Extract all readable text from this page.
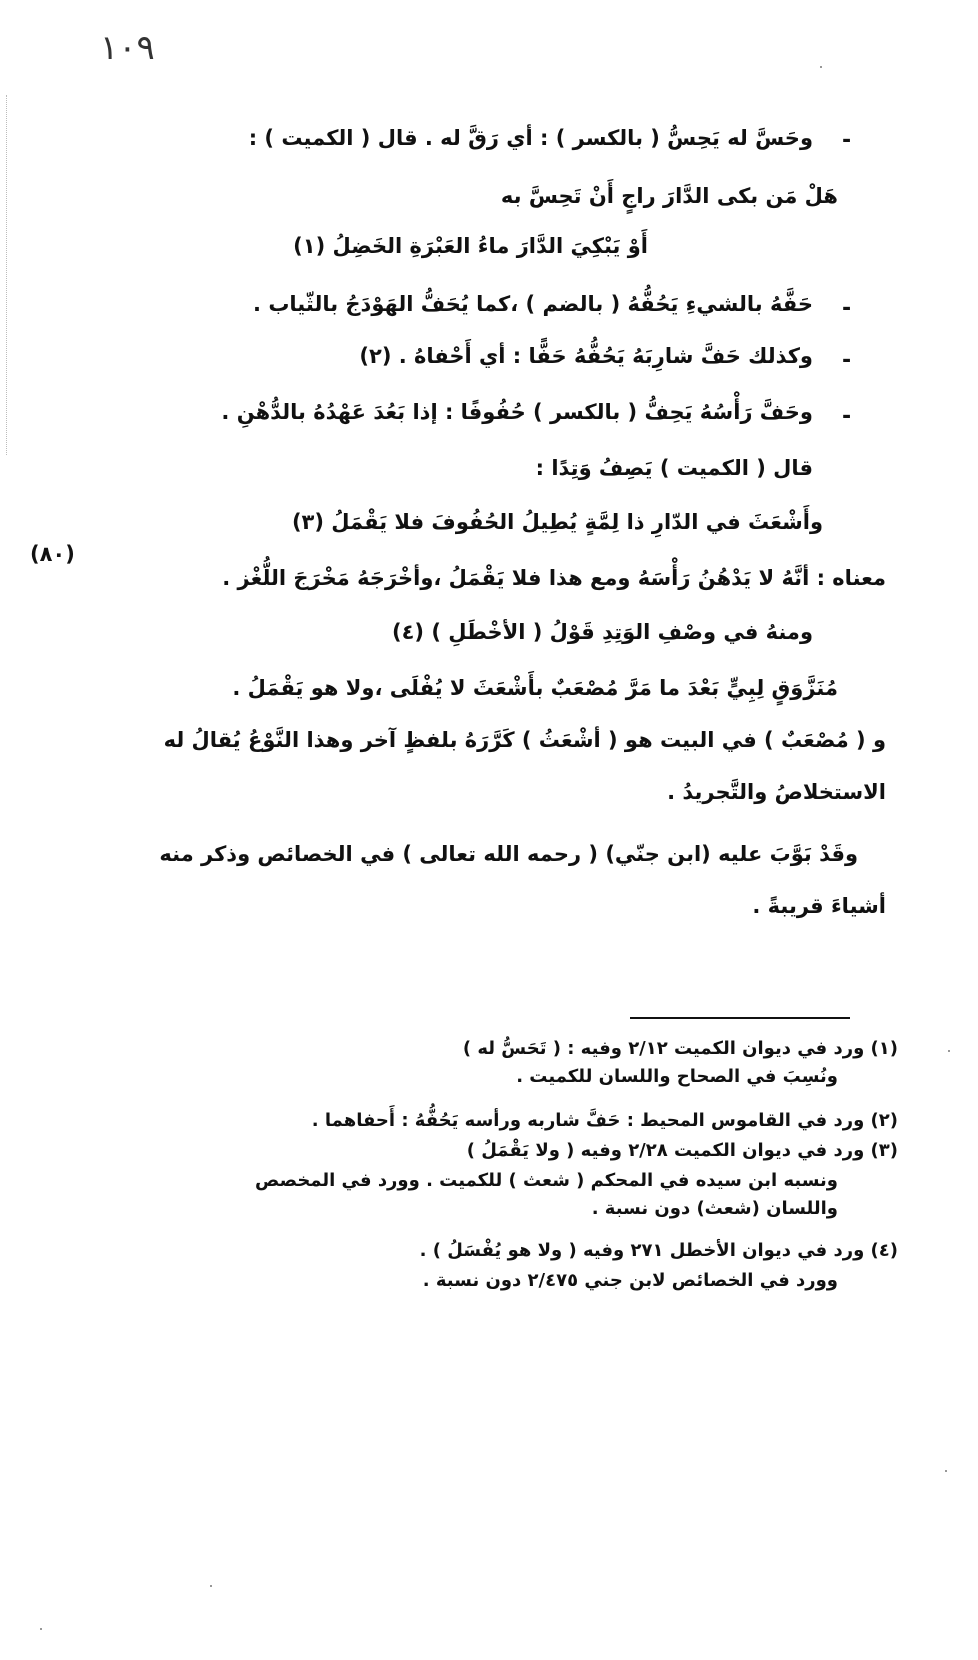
١٠٩
-
وحَسَّ له يَحِسُّ ( بالكسر ) : أي رَقَّ له . قال ( الكميت ) :
هَلْ مَن بكى الدَّارَ راجٍ أَنْ تَحِسَّ به
أَوْ يَبْكِيَ الدَّارَ ماءُ العَبْرَةِ الخَضِلُ (١)
-
حَفَّهُ بالشيءِ يَحُفُّهُ ( بالضم ) ،كما يُحَفُّ الهَوْدَجُ بالثّياب .
-
وكذلك حَفَّ شارِبَهُ يَحُفُّهُ حَفًّا : أي أَحْفاهُ . (٢)
-
وحَفَّ رَأْسُهُ يَحِفُّ ( بالكسر ) حُفُوفًا : إذا بَعُدَ عَهْدُهُ بالدُّهْنِ .
قال ( الكميت ) يَصِفُ وَتِدًا :
وأَشْعَثَ في الدّارِ ذا لِمَّةٍ يُطِيلُ الحُفُوفَ فلا يَقْمَلُ (٣)
(٨٠)
معناه : أنَّهُ لا يَدْهُنُ رَأْسَهُ ومع هذا فلا يَقْمَلُ ،وأخْرَجَهُ مَخْرَجَ اللُّغْز .
ومنهُ في وصْفِ الوَتِدِ قَوْلُ ( الأخْطَلِ ) (٤)
مُنَزَّوَقٍ لِبِيٍّ بَعْدَ ما مَرَّ مُصْعَبٌ بأَشْعَثَ لا يُفْلَى ،ولا هو يَقْمَلُ .
و ( مُصْعَبٌ ) في البيت هو ( أشْعَثُ ) كَرَّرَهُ بلفظٍ آخر وهذا النَّوْعُ يُقالُ له
الاستخلاصُ والتَّجريدُ .
وقَدْ بَوَّبَ عليه (ابن جنّي) ( رحمه الله تعالى ) في الخصائص وذكر منه
أشياءَ قريبةً .
(١) ورد في ديوان الكميت ٢/١٢ وفيه : ( تَحَسُّ له )
ونُسِبَ في الصحاح واللسان للكميت .
(٢) ورد في القاموس المحيط : حَفَّ شاربه ورأسه يَحُفُّهُ : أَحفاهما .
(٣) ورد في ديوان الكميت ٢/٢٨ وفيه ( ولا يَقْمَلُ )
ونسبه ابن سيده في المحكم ( شعث ) للكميت . وورد في المخصص
واللسان (شعث) دون نسبة .
(٤) ورد في ديوان الأخطل ٢٧١ وفيه ( ولا هو يُفْسَلُ ) .
وورد في الخصائص لابن جني ٢/٤٧٥ دون نسبة .
